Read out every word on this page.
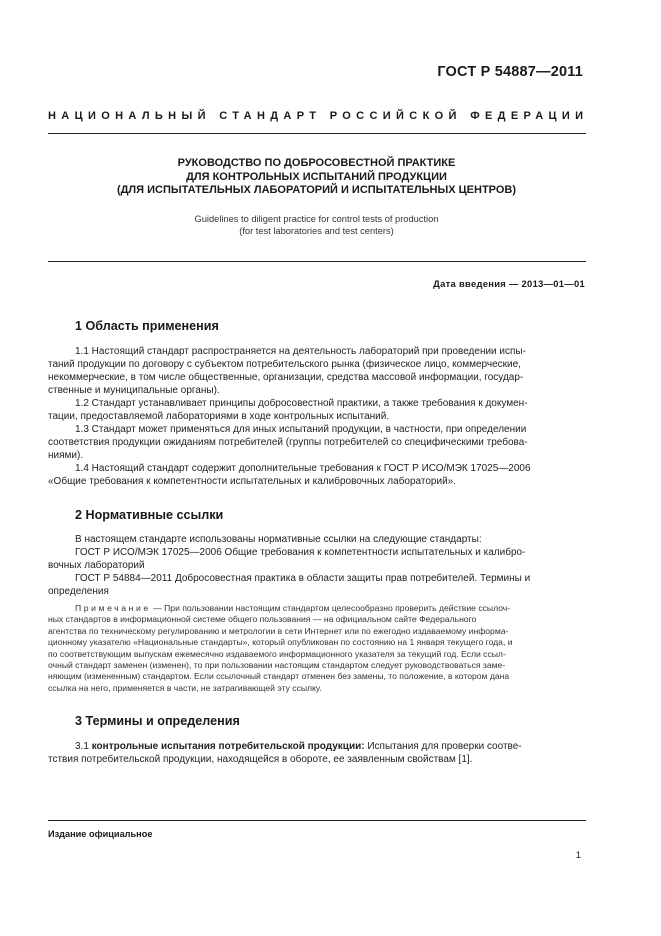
ГОСТ Р 54887—2011
НАЦИОНАЛЬНЫЙ СТАНДАРТ РОССИЙСКОЙ ФЕДЕРАЦИИ
РУКОВОДСТВО ПО ДОБРОСОВЕСТНОЙ ПРАКТИКЕ
ДЛЯ КОНТРОЛЬНЫХ ИСПЫТАНИЙ ПРОДУКЦИИ
(ДЛЯ ИСПЫТАТЕЛЬНЫХ ЛАБОРАТОРИЙ И ИСПЫТАТЕЛЬНЫХ ЦЕНТРОВ)
Guidelines to diligent practice for control tests of production
(for test laboratories and test centers)
Дата введения — 2013—01—01
1 Область применения
1.1 Настоящий стандарт распространяется на деятельность лабораторий при проведении испы-
таний продукции по договору с субъектом потребительского рынка (физическое лицо, коммерческие,
некоммерческие, в том числе общественные, организации, средства массовой информации, государ-
ственные и муниципальные органы).
1.2 Стандарт устанавливает принципы добросовестной практики, а также требования к докумен-
тации, предоставляемой лабораториями в ходе контрольных испытаний.
1.3 Стандарт может применяться для иных испытаний продукции, в частности, при определении
соответствия продукции ожиданиям потребителей (группы потребителей со специфическими требова-
ниями).
1.4 Настоящий стандарт содержит дополнительные требования к ГОСТ Р ИСО/МЭК 17025—2006
«Общие требования к компетентности испытательных и калибровочных лабораторий».
2 Нормативные ссылки
В настоящем стандарте использованы нормативные ссылки на следующие стандарты:
ГОСТ Р ИСО/МЭК 17025—2006 Общие требования к компетентности испытательных и калибро-
вочных лабораторий
ГОСТ Р 54884—2011 Добросовестная практика в области защиты прав потребителей. Термины и
определения
Примечание — При пользовании настоящим стандартом целесообразно проверить действие ссылоч-
ных стандартов в информационной системе общего пользования — на официальном сайте Федерального
агентства по техническому регулированию и метрологии в сети Интернет или по ежегодно издаваемому информа-
ционному указателю «Национальные стандарты», который опубликован по состоянию на 1 января текущего года, и
по соответствующим выпускам ежемесячно издаваемого информационного указателя за текущий год. Если ссыл-
очный стандарт заменен (изменен), то при пользовании настоящим стандартом следует руководствоваться заме-
няющим (измененным) стандартом. Если ссылочный стандарт отменен без замены, то положение, в котором дана
ссылка на него, применяется в части, не затрагивающей эту ссылку.
3 Термины и определения
3.1 контрольные испытания потребительской продукции: Испытания для проверки соотве-
тствия потребительской продукции, находящейся в обороте, ее заявленным свойствам [1].
Издание официальное
1
